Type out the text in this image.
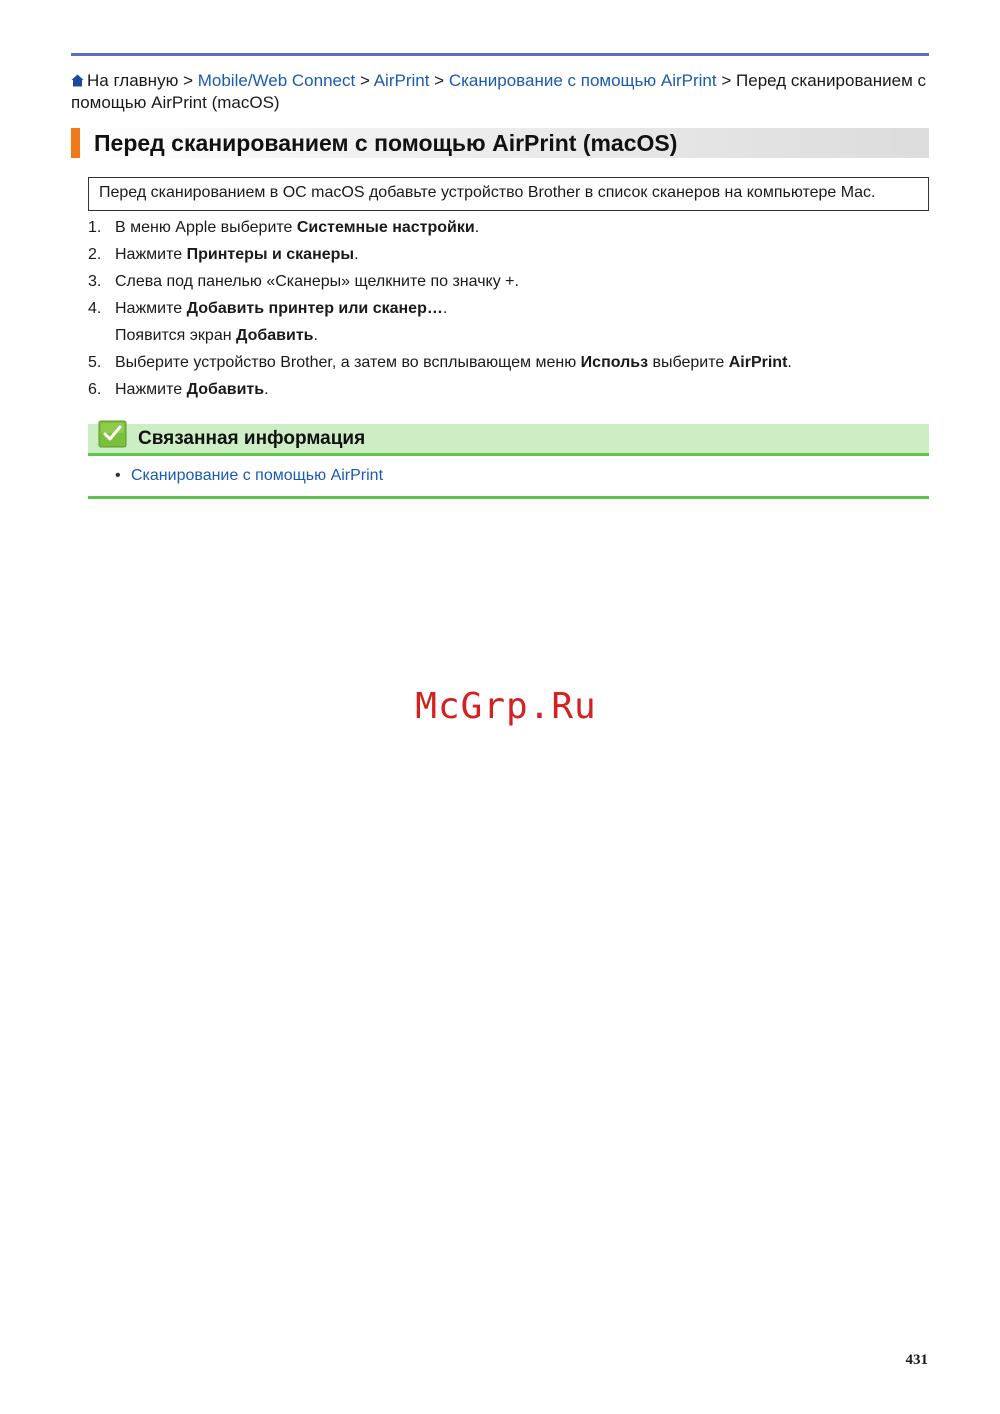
На главную > Mobile/Web Connect > AirPrint > Сканирование с помощью AirPrint > Перед сканированием с помощью AirPrint (macOS)
Перед сканированием с помощью AirPrint (macOS)
Перед сканированием в ОС macOS добавьте устройство Brother в список сканеров на компьютере Mac.
1. В меню Apple выберите Системные настройки.
2. Нажмите Принтеры и сканеры.
3. Слева под панелью «Сканеры» щелкните по значку +.
4. Нажмите Добавить принтер или сканер….
Появится экран Добавить.
5. Выберите устройство Brother, а затем во всплывающем меню Использ выберите AirPrint.
6. Нажмите Добавить.
Связанная информация
• Сканирование с помощью AirPrint
McGrp.Ru
431
